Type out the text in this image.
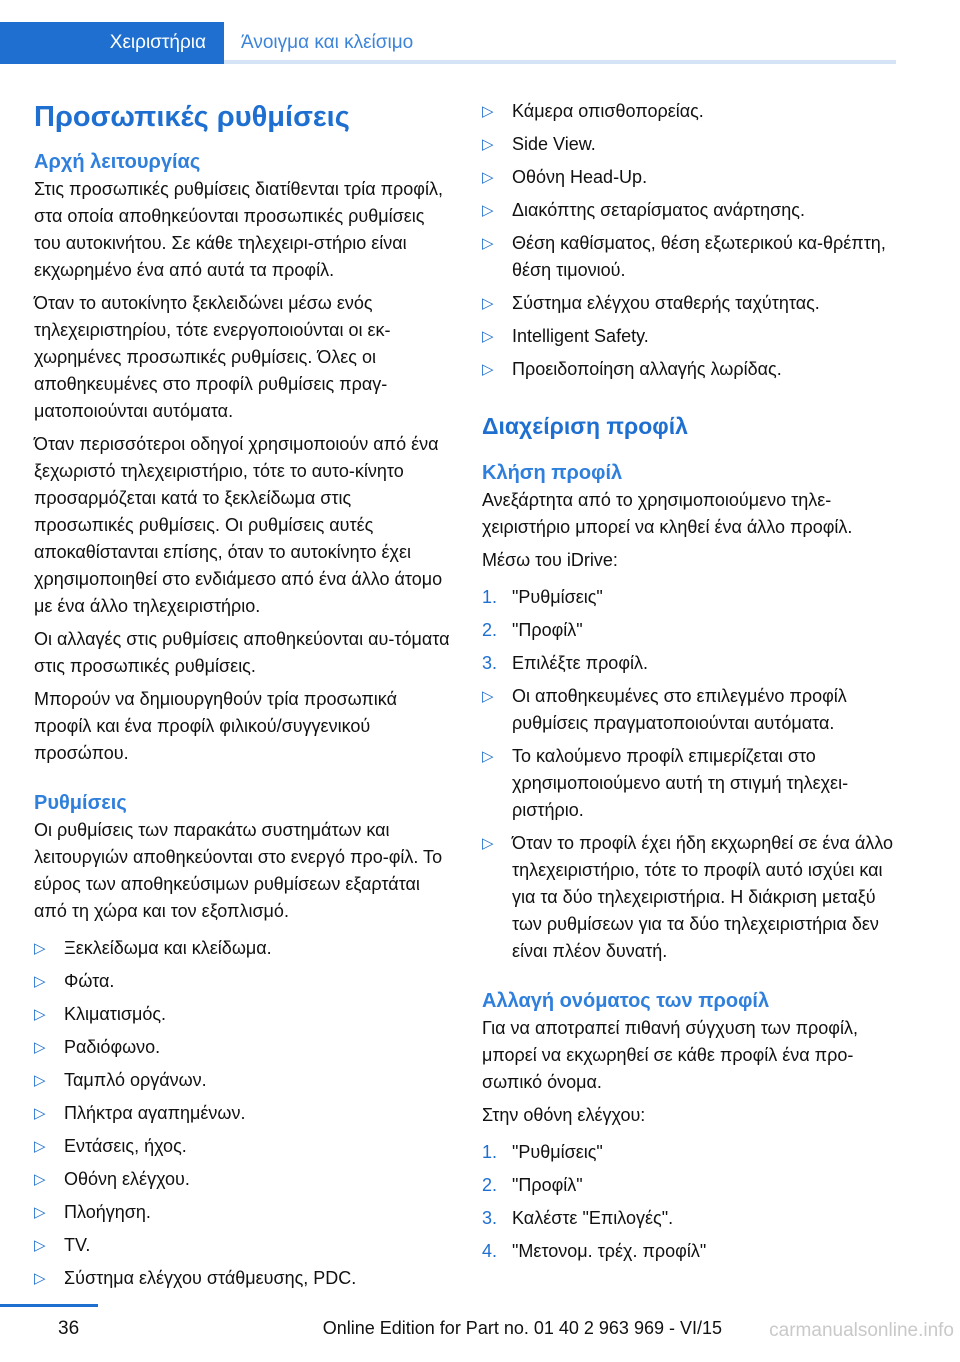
Χειριστήρια Άνοιγμα και κλείσιμο
Προσωπικές ρυθμίσεις
Αρχή λειτουργίας

Στις προσωπικές ρυθμίσεις διατίθενται τρία προφίλ, στα οποία αποθηκεύονται προσωπικές ρυθμίσεις του αυτοκινήτου. Σε κάθε τηλεχειρι-στήριο είναι εκχωρημένο ένα από αυτά τα προφίλ.

Όταν το αυτοκίνητο ξεκλειδώνει μέσω ενός τηλεχειριστηρίου, τότε ενεργοποιούνται οι εκ-χωρημένες προσωπικές ρυθμίσεις. Όλες οι αποθηκευμένες στο προφίλ ρυθμίσεις πραγ-ματοποιούνται αυτόματα.

Όταν περισσότεροι οδηγοί χρησιμοποιούν από ένα ξεχωριστό τηλεχειριστήριο, τότε το αυτο-κίνητο προσαρμόζεται κατά το ξεκλείδωμα στις προσωπικές ρυθμίσεις. Οι ρυθμίσεις αυτές αποκαθίστανται επίσης, όταν το αυτοκίνητο έχει χρησιμοποιηθεί στο ενδιάμεσο από ένα άλλο άτομο με ένα άλλο τηλεχειριστήριο.

Οι αλλαγές στις ρυθμίσεις αποθηκεύονται αυ-τόματα στις προσωπικές ρυθμίσεις.

Μπορούν να δημιουργηθούν τρία προσωπικά προφίλ και ένα προφίλ φιλικού/συγγενικού προσώπου.

Ρυθμίσεις

Οι ρυθμίσεις των παρακάτω συστημάτων και λειτουργιών αποθηκεύονται στο ενεργό προ-φίλ. Το εύρος των αποθηκεύσιμων ρυθμίσεων εξαρτάται από τη χώρα και τον εξοπλισμό.

▷ Ξεκλείδωμα και κλείδωμα.
▷ Φώτα.
▷ Κλιματισμός.
▷ Ραδιόφωνο.
▷ Ταμπλό οργάνων.
▷ Πλήκτρα αγαπημένων.
▷ Εντάσεις, ήχος.
▷ Οθόνη ελέγχου.
▷ Πλοήγηση.
▷ TV.
▷ Σύστημα ελέγχου στάθμευσης, PDC.
▷ Κάμερα οπισθοπορείας.
▷ Side View.
▷ Οθόνη Head-Up.
▷ Διακόπτης σεταρίσματος ανάρτησης.
▷ Θέση καθίσματος, θέση εξωτερικού κα-θρέπτη, θέση τιμονιού.
▷ Σύστημα ελέγχου σταθερής ταχύτητας.
▷ Intelligent Safety.
▷ Προειδοποίηση αλλαγής λωρίδας.
Διαχείριση προφίλ
Κλήση προφίλ

Ανεξάρτητα από το χρησιμοποιούμενο τηλε-χειριστήριο μπορεί να κληθεί ένα άλλο προφίλ.

Μέσω του iDrive:

1. "Ρυθμίσεις"
2. "Προφίλ"
3. Επιλέξτε προφίλ.
▷ Οι αποθηκευμένες στο επιλεγμένο προφίλ ρυθμίσεις πραγματοποιούνται αυτόματα.
▷ Το καλούμενο προφίλ επιμερίζεται στο χρησιμοποιούμενο αυτή τη στιγμή τηλεχει-ριστήριο.
▷ Όταν το προφίλ έχει ήδη εκχωρηθεί σε ένα άλλο τηλεχειριστήριο, τότε το προφίλ αυτό ισχύει και για τα δύο τηλεχειριστήρια. Η διάκριση μεταξύ των ρυθμίσεων για τα δύο τηλεχειριστήρια δεν είναι πλέον δυνατή.
Αλλαγή ονόματος των προφίλ

Για να αποτραπεί πιθανή σύγχυση των προφίλ, μπορεί να εκχωρηθεί σε κάθε προφίλ ένα προ-σωπικό όνομα.

Στην οθόνη ελέγχου:

1. "Ρυθμίσεις"
2. "Προφίλ"
3. Καλέστε "Επιλογές".
4. "Μετονομ. τρέχ. προφίλ"
36	Online Edition for Part no. 01 40 2 963 969 - VI/15 carmanualsonline.info
